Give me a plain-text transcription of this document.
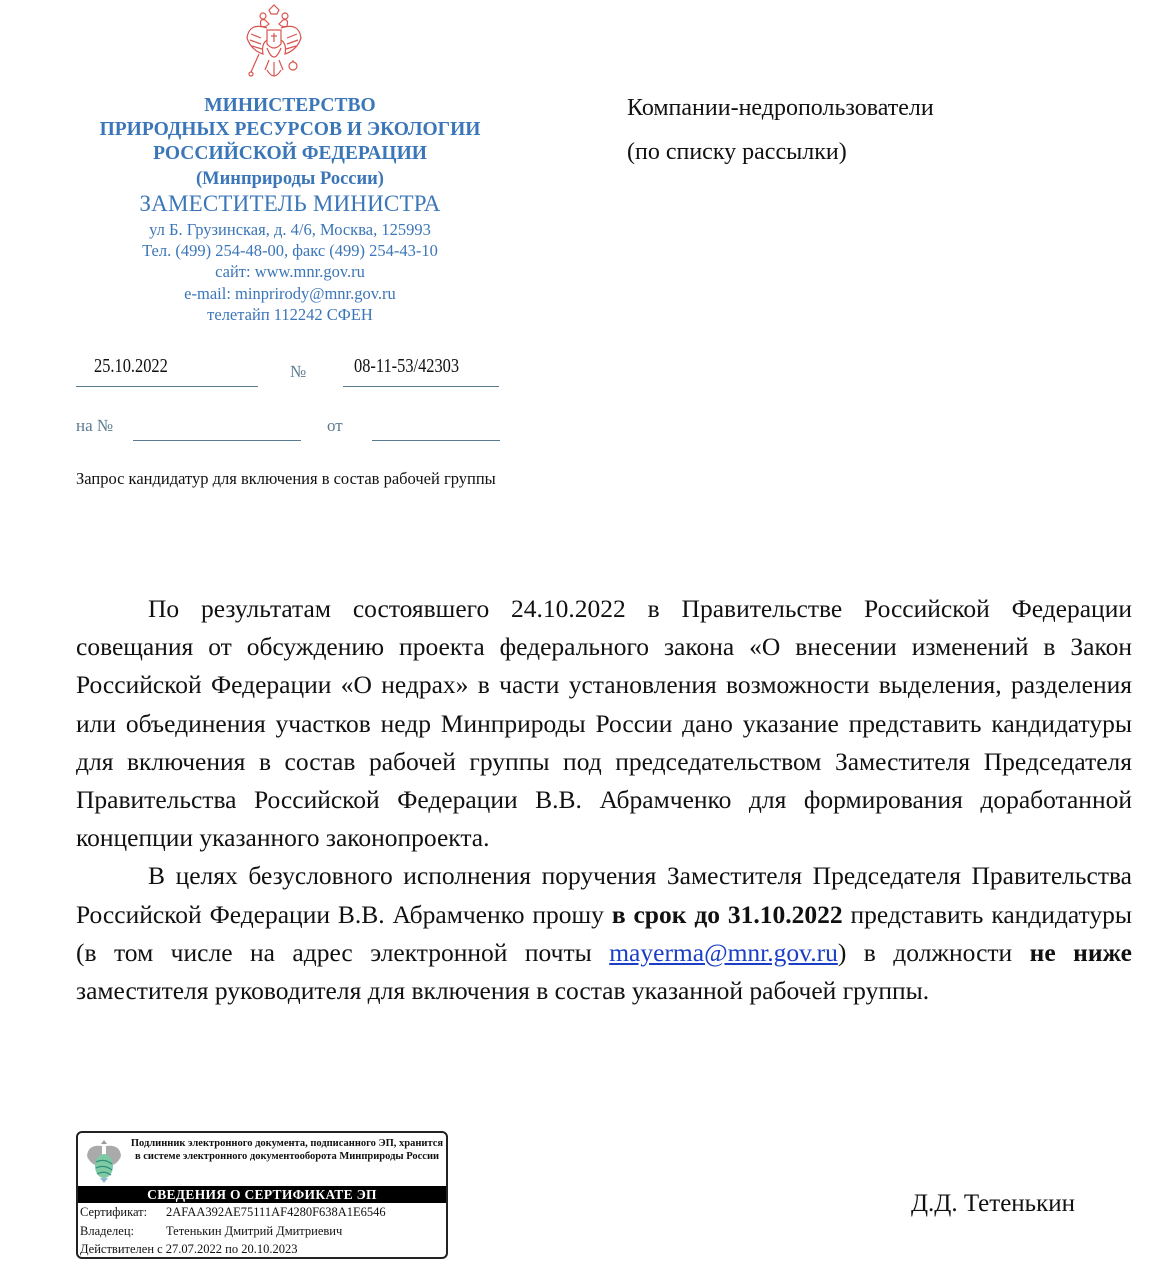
МИНИСТЕРСТВО
ПРИРОДНЫХ РЕСУРСОВ И ЭКОЛОГИИ
РОССИЙСКОЙ ФЕДЕРАЦИИ
(Минприроды России)
ЗАМЕСТИТЕЛЬ МИНИСТРА
ул Б. Грузинская, д. 4/6, Москва, 125993
Тел. (499) 254-48-00, факс (499) 254-43-10
сайт: www.mnr.gov.ru
e-mail: minprirody@mnr.gov.ru
телетайп 112242 СФЕН
25.10.2022	№ 08-11-53/42303
на №	от
Запрос кандидатур для включения в состав рабочей группы
Компании-недропользователи
(по списку рассылки)

По результатам состоявшего 24.10.2022 в Правительстве Российской Федерации совещания от обсуждению проекта федерального закона «О внесении изменений в Закон Российской Федерации «О недрах» в части установления возможности выделения, разделения или объединения участков недр Минприроды России дано указание представить кандидатуры для включения в состав рабочей группы под председательством Заместителя Председателя Правительства Российской Федерации В.В. Абрамченко для формирования доработанной концепции указанного законопроекта.

В целях безусловного исполнения поручения Заместителя Председателя Правительства Российской Федерации В.В. Абрамченко прошу в срок до 31.10.2022 представить кандидатуры (в том числе на адрес электронной почты mayerma@mnr.gov.ru) в должности не ниже заместителя руководителя для включения в состав указанной рабочей группы.

Подлинник электронного документа, подписанного ЭП, хранится в системе электронного документооборота Минприроды России
СВЕДЕНИЯ О СЕРТИФИКАТЕ ЭП
Сертификат: 2AFAA392AE75111AF4280F638A1E6546
Владелец:	Тетенькин Дмитрий Дмитриевич
Действителен с 27.07.2022 по 20.10.2023
Д.Д. Тетенькин
